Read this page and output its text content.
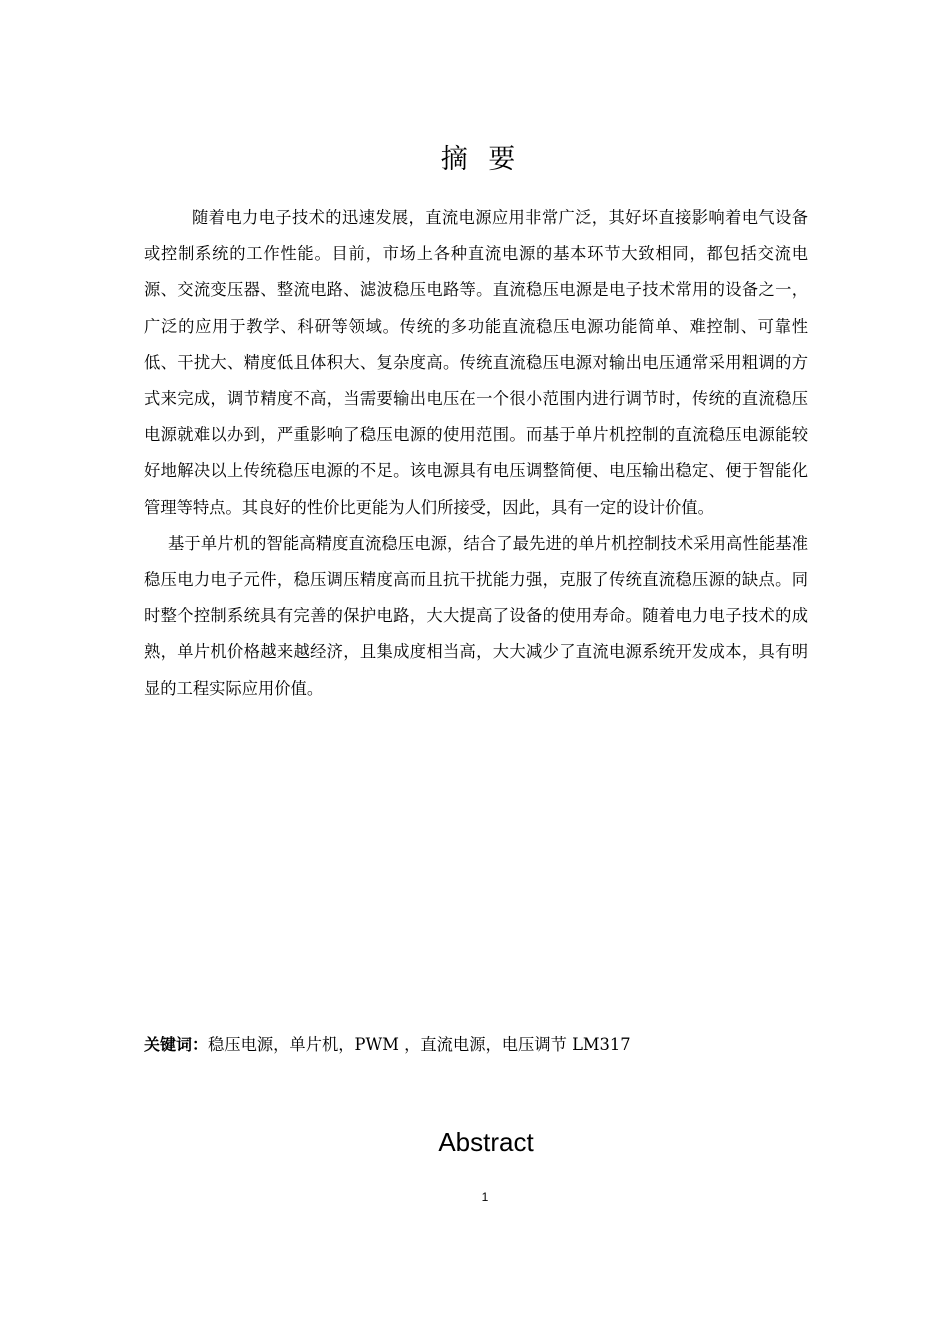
摘 要

随着电力电子技术的迅速发展，直流电源应用非常广泛，其好坏直接影响着电气设备或控制系统的工作性能。目前，市场上各种直流电源的基本环节大致相同，都包括交流电源、交流变压器、整流电路、滤波稳压电路等。直流稳压电源是电子技术常用的设备之一，广泛的应用于教学、科研等领域。传统的多功能直流稳压电源功能简单、难控制、可靠性低、干扰大、精度低且体积大、复杂度高。传统直流稳压电源对输出电压通常采用粗调的方式来完成，调节精度不高，当需要输出电压在一个很小范围内进行调节时，传统的直流稳压电源就难以办到，严重影响了稳压电源的使用范围。而基于单片机控制的直流稳压电源能较好地解决以上传统稳压电源的不足。该电源具有电压调整简便、电压输出稳定、便于智能化管理等特点。其良好的性价比更能为人们所接受，因此，具有一定的设计价值。

基于单片机的智能高精度直流稳压电源，结合了最先进的单片机控制技术采用高性能基准稳压电力电子元件，稳压调压精度高而且抗干扰能力强，克服了传统直流稳压源的缺点。同时整个控制系统具有完善的保护电路，大大提高了设备的使用寿命。随着电力电子技术的成熟，单片机价格越来越经济，且集成度相当高，大大减少了直流电源系统开发成本，具有明显的工程实际应用价值。

关键词：稳压电源，单片机，PWM ，直流电源，电压调节 LM317
Abstract
1
